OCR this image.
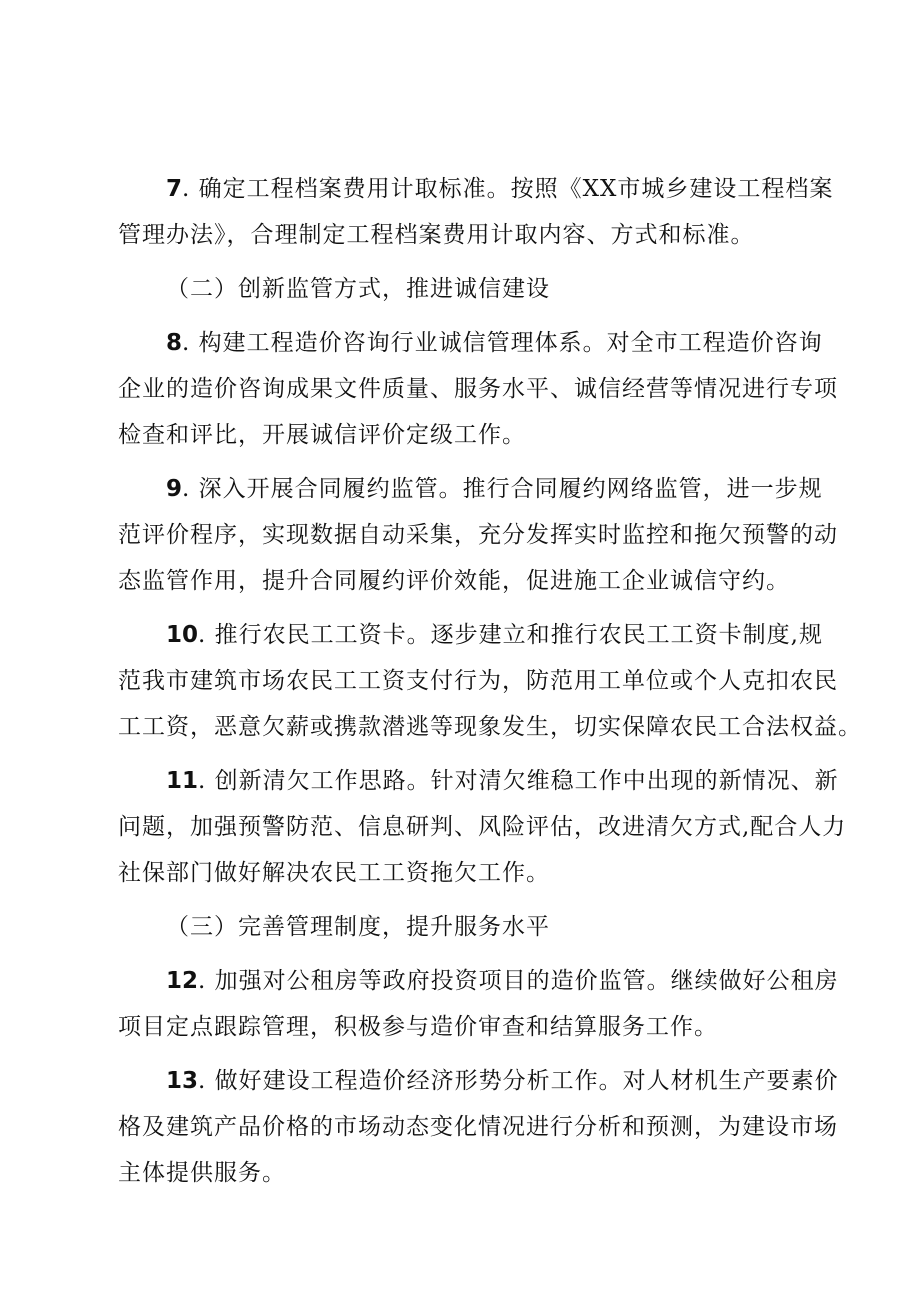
7. 确定工程档案费用计取标准。按照《XX市城乡建设工程档案
管理办法》，合理制定工程档案费用计取内容、方式和标准。
（二）创新监管方式，推进诚信建设
8. 构建工程造价咨询行业诚信管理体系。对全市工程造价咨询
企业的造价咨询成果文件质量、服务水平、诚信经营等情况进行专项
检查和评比，开展诚信评价定级工作。
9. 深入开展合同履约监管。推行合同履约网络监管，进一步规
范评价程序，实现数据自动采集，充分发挥实时监控和拖欠预警的动
态监管作用，提升合同履约评价效能，促进施工企业诚信守约。
10. 推行农民工工资卡。逐步建立和推行农民工工资卡制度,规
范我市建筑市场农民工工资支付行为，防范用工单位或个人克扣农民
工工资，恶意欠薪或携款潜逃等现象发生，切实保障农民工合法权益。
11. 创新清欠工作思路。针对清欠维稳工作中出现的新情况、新
问题，加强预警防范、信息研判、风险评估，改进清欠方式,配合人力
社保部门做好解决农民工工资拖欠工作。
（三）完善管理制度，提升服务水平
12. 加强对公租房等政府投资项目的造价监管。继续做好公租房
项目定点跟踪管理，积极参与造价审查和结算服务工作。
13. 做好建设工程造价经济形势分析工作。对人材机生产要素价
格及建筑产品价格的市场动态变化情况进行分析和预测，为建设市场
主体提供服务。
